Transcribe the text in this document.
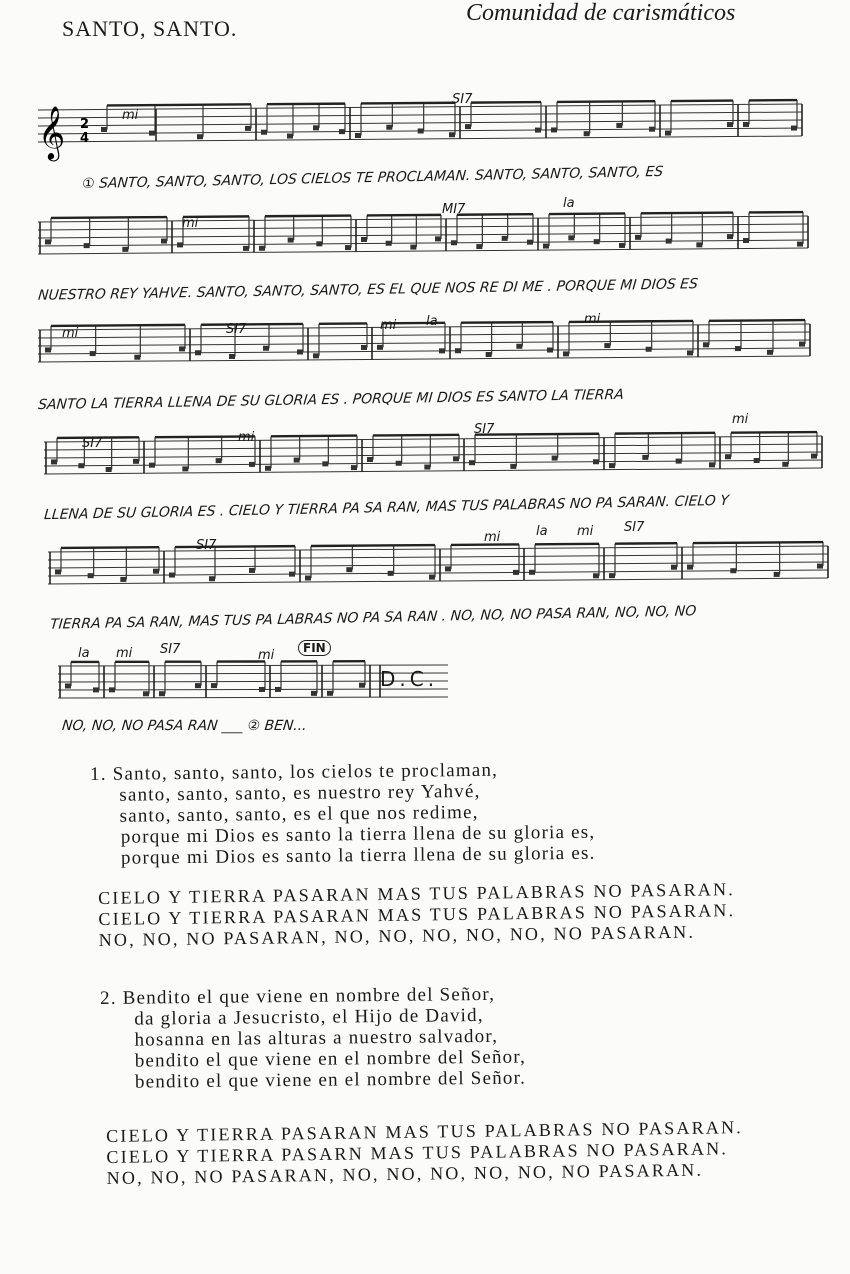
SANTO, SANTO.
Comunidad de carismáticos
𝄞 2
4
mi
SI7
mi
MI7	la
mi	SI7	mi la	mi
SI7	mi
SI7
mi
SI7
mi	la mi SI7
la mi SI7	mi
① SANTO, SANTO, SANTO, LOS CIELOS TE PROCLAMAN. SANTO, SANTO, SANTO, ES
NUESTRO REY YAHVE. SANTO, SANTO, SANTO, ES EL QUE NOS RE DI ME . PORQUE MI DIOS ES
SANTO LA TIERRA LLENA DE SU GLORIA ES . PORQUE MI DIOS ES SANTO LA TIERRA
LLENA DE SU GLORIA ES . CIELO Y TIERRA PA SA RAN, MAS TUS PALABRAS NO PA SARAN. CIELO Y
TIERRA PA SA RAN, MAS TUS PA LABRAS NO PA SA RAN . NO, NO, NO PASA RAN, NO, NO, NO
NO, NO, NO PASA RAN ___ ② BEN...
FIN
D.C.
1. Santo, santo, santo, los cielos te proclaman,
santo, santo, santo, es nuestro rey Yahvé,
santo, santo, santo, es el que nos redime,
porque mi Dios es santo la tierra llena de su gloria es,
porque mi Dios es santo la tierra llena de su gloria es.
CIELO Y TIERRA PASARAN MAS TUS PALABRAS NO PASARAN.
CIELO Y TIERRA PASARAN MAS TUS PALABRAS NO PASARAN.
NO, NO, NO PASARAN, NO, NO, NO, NO, NO, NO PASARAN.
2. Bendito el que viene en nombre del Señor,
da gloria a Jesucristo, el Hijo de David,
hosanna en las alturas a nuestro salvador,
bendito el que viene en el nombre del Señor,
bendito el que viene en el nombre del Señor.
CIELO Y TIERRA PASARAN MAS TUS PALABRAS NO PASARAN.
CIELO Y TIERRA PASARN MAS TUS PALABRAS NO PASARAN.
NO, NO, NO PASARAN, NO, NO, NO, NO, NO, NO PASARAN.
